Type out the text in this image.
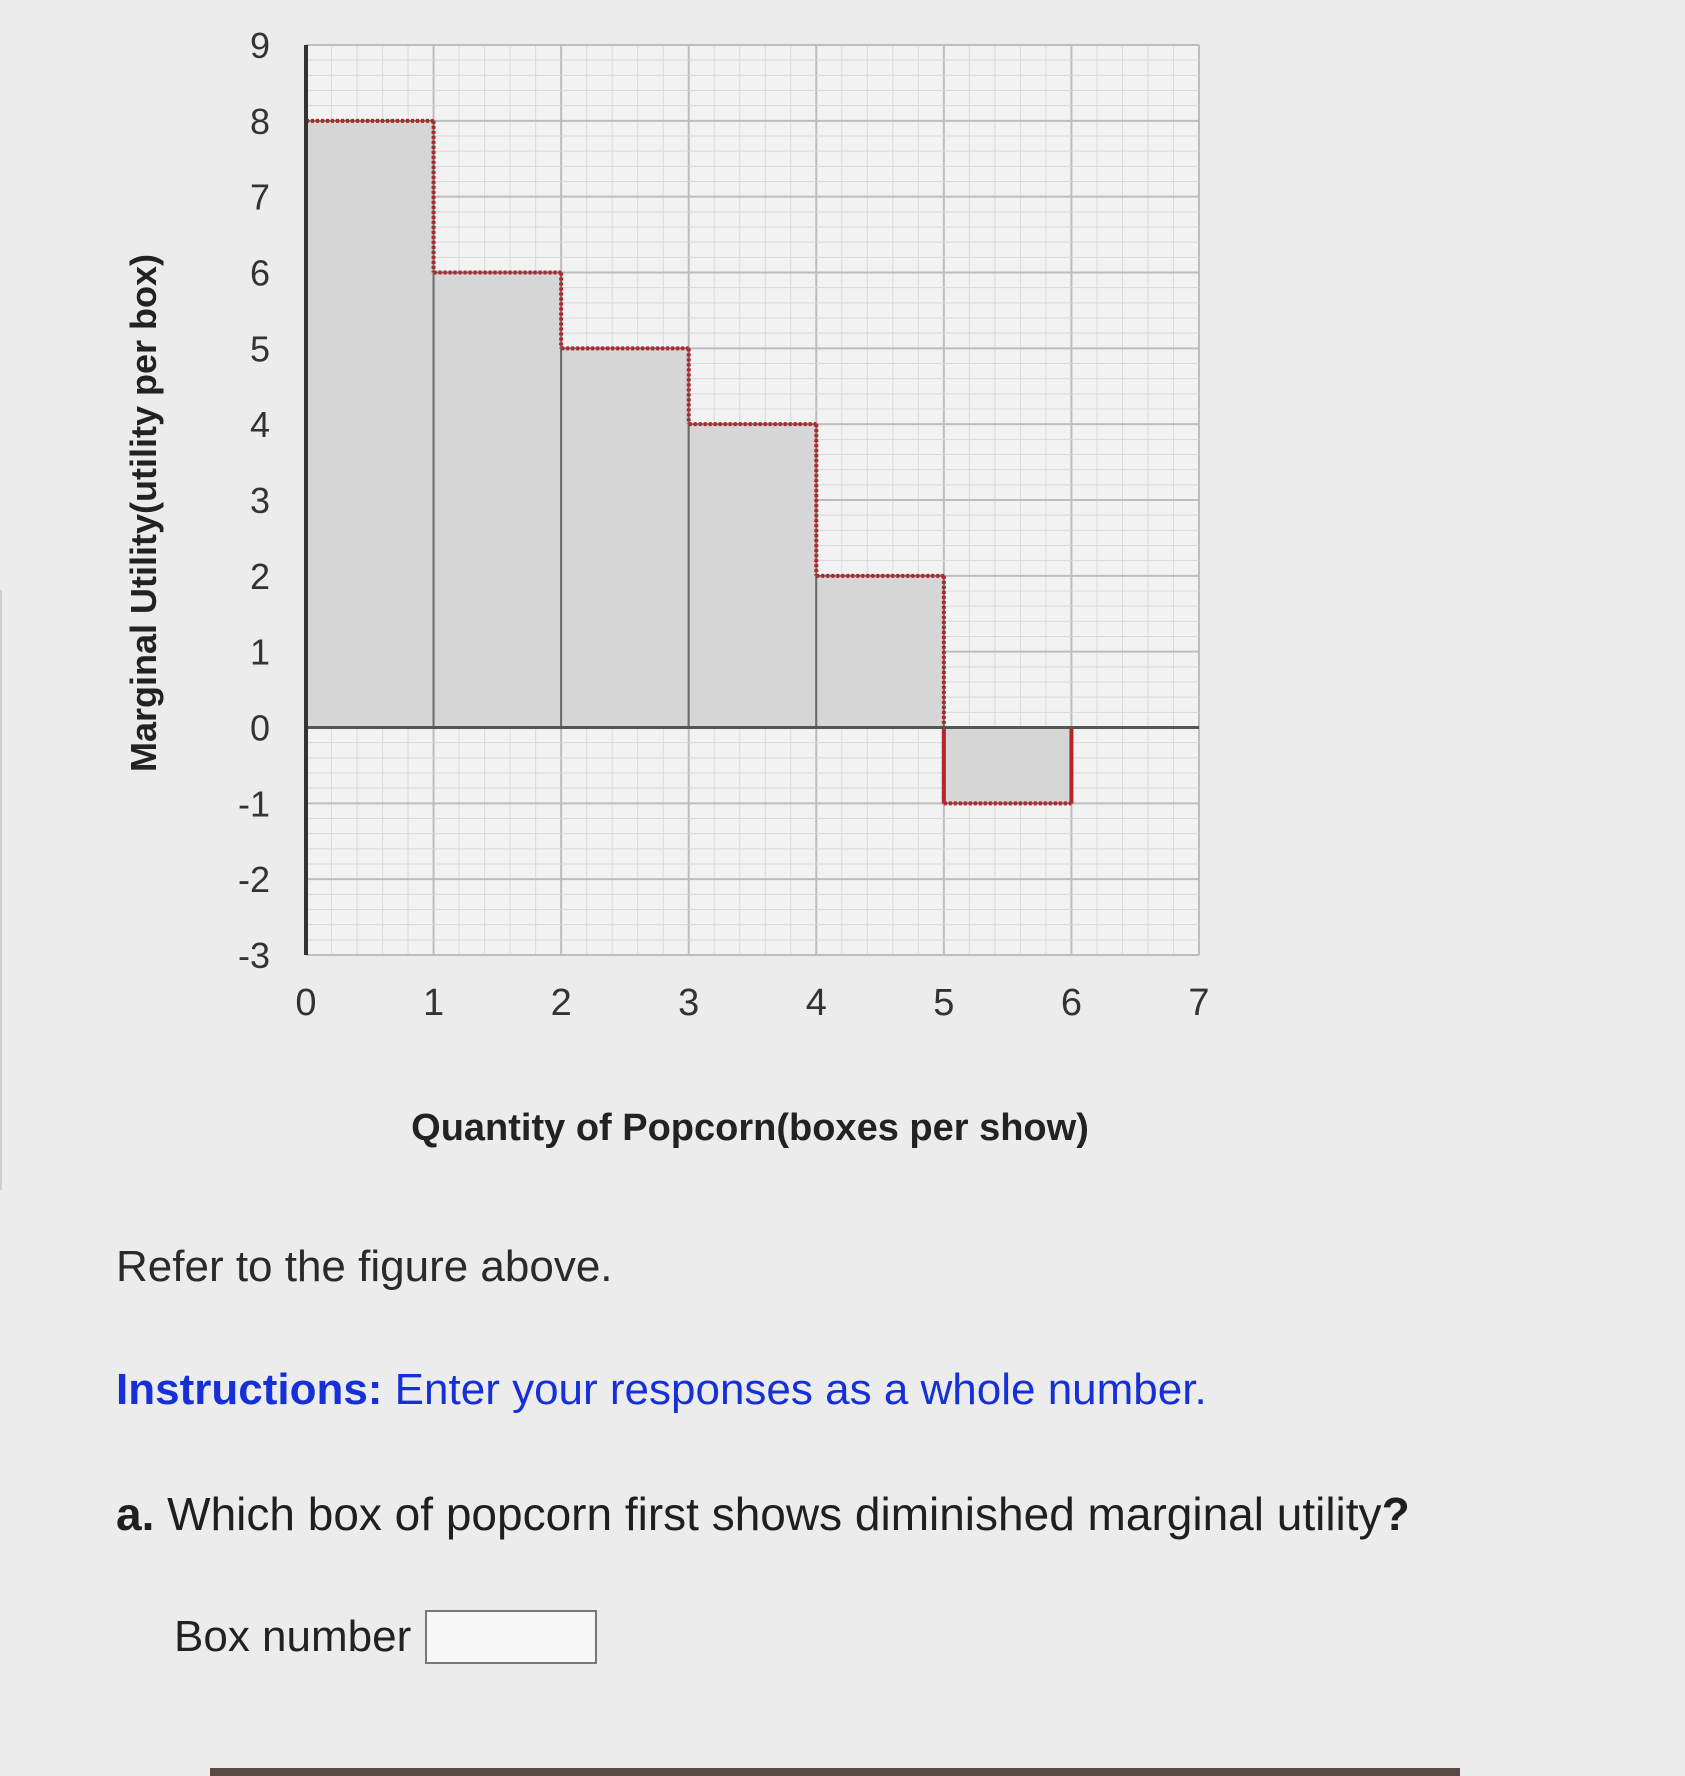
9
8
7
6
5
4
3
2
1
0
-1
-2
-3
0	1	2	3	4	5	6	7
Marginal Utility(utility per box)
Quantity of Popcorn(boxes per show)
Refer to the figure above.
Instructions: Enter your responses as a whole number.
a. Which box of popcorn first shows diminished marginal utility?
Box number
